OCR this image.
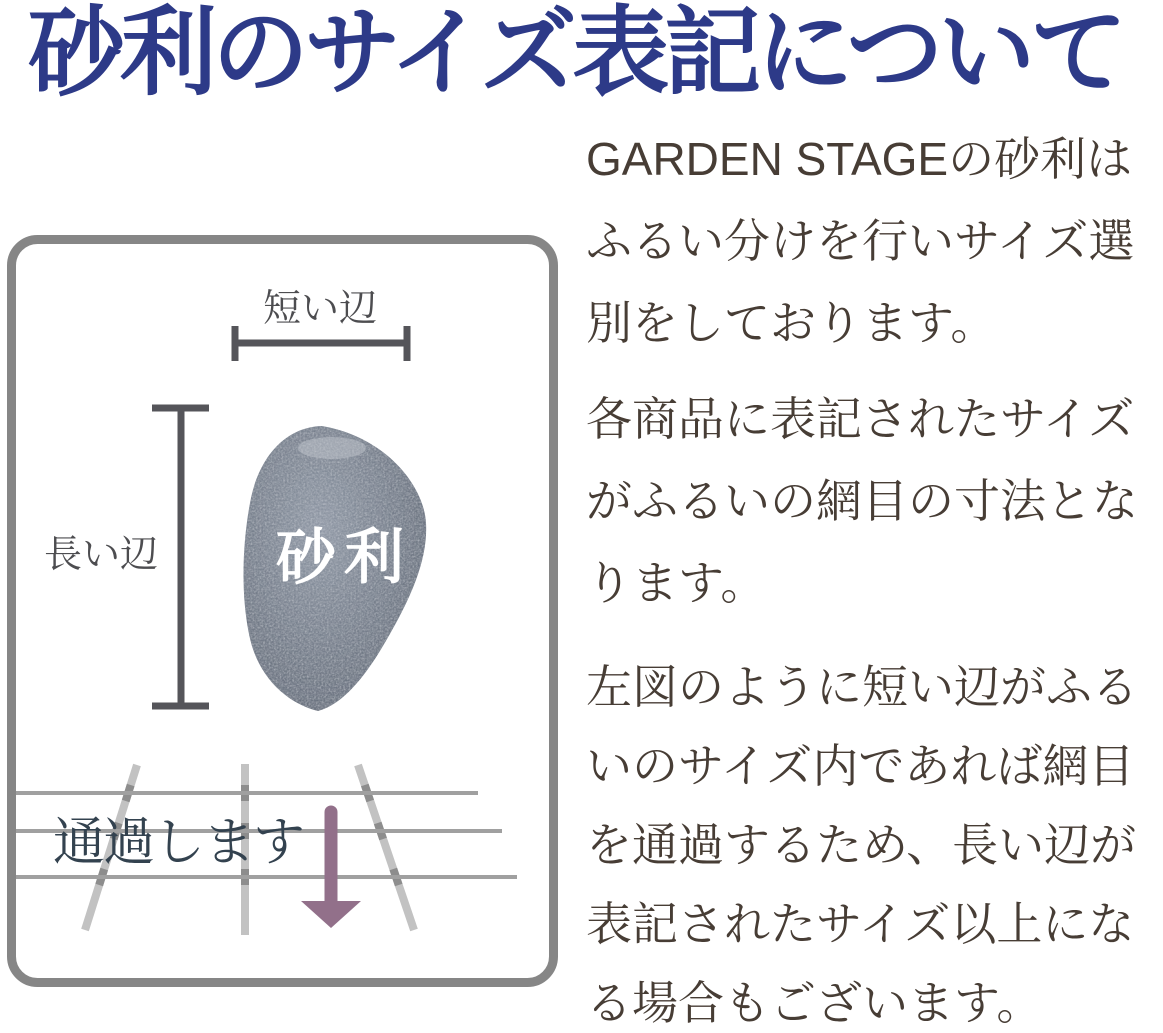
砂利のサイズ表記について
短い辺
長い辺 砂利
通過します

GARDEN STAGEの砂利は
ふるい分けを行いサイズ選
別をしております。

各商品に表記されたサイズ
がふるいの網目の寸法とな
ります。

左図のように短い辺がふる
いのサイズ内であれば網目
を通過するため、長い辺が
表記されたサイズ以上にな
る場合もございます。
